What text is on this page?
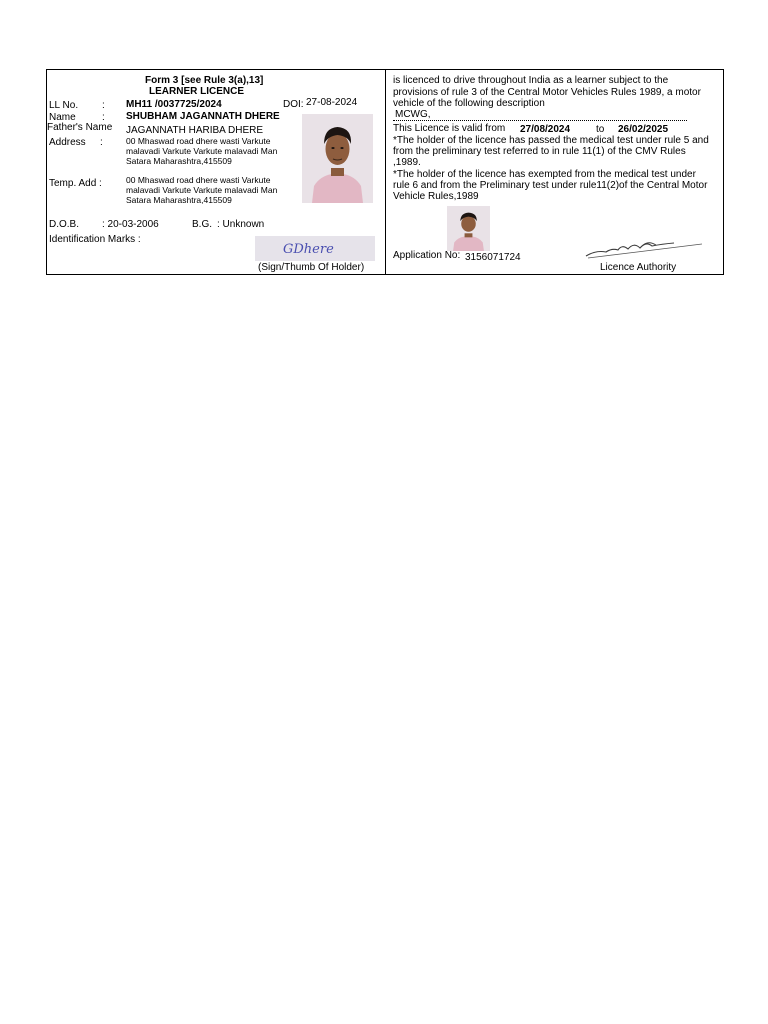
Form 3 [see Rule 3(a),13]
LEARNER LICENCE
LL No. : MH11 /0037725/2024	DOI: 27-08-2024
Name	: SHUBHAM JAGANNATH DHERE
Father's Name JAGANNATH HARIBA DHERE
Address :	00 Mhaswad road dhere wasti Varkute
malavadi Varkute Varkute malavadi Man
Satara Maharashtra,415509
Temp. Add :	00 Mhaswad road dhere wasti Varkute
malavadi Varkute Varkute malavadi Man
Satara Maharashtra,415509
D.O.B. : 20-03-2006	B.G. : Unknown
Identification Marks :
GDhere
(Sign/Thumb Of Holder)
is licenced to drive throughout India as a learner subject to the
provisions of rule 3 of the Central Motor Vehicles Rules 1989, a motor
vehicle of the following description
MCWG,
This Licence is valid from 27/08/2024	to 26/02/2025
*The holder of the licence has passed the medical test under rule 5 and
from the preliminary test referred to in rule 11(1) of the CMV Rules
,1989.
*The holder of the licence has exempted from the medical test under
rule 6 and from the Preliminary test under rule11(2)of the Central Motor
Vehicle Rules,1989
Application No: 3156071724
Licence Authority
